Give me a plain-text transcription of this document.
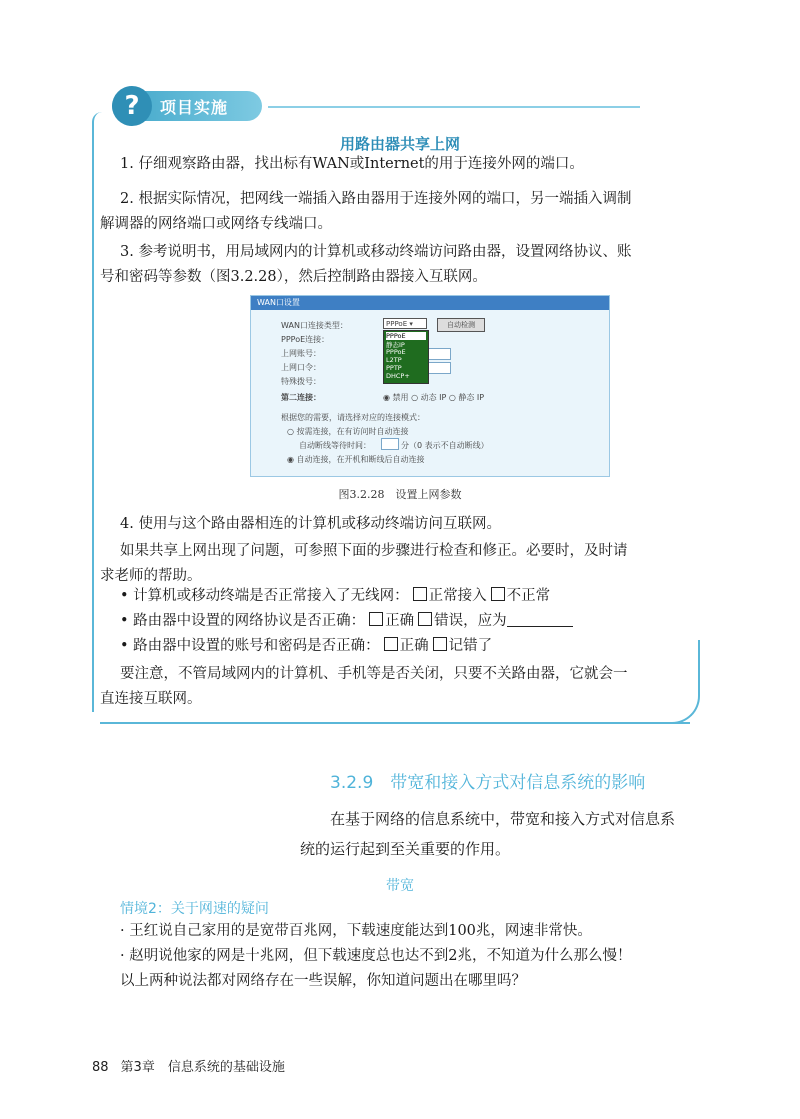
?	项目实施
用路由器共享上网
1. 仔细观察路由器，找出标有WAN或Internet的用于连接外网的端口。
2. 根据实际情况，把网线一端插入路由器用于连接外网的端口，另一端插入调制
解调器的网络端口或网络专线端口。
3. 参考说明书，用局域网内的计算机或移动终端访问路由器，设置网络协议、账
号和密码等参数（图3.2.28），然后控制路由器接入互联网。
WAN口设置
WAN口连接类型：	PPPoE ▾	自动检测
PPPoE连接：
上网账号：
上网口令：
特殊拨号：
第二连接：	◉ 禁用 ○ 动态 IP ○ 静态 IP
根据您的需要，请选择对应的连接模式：
○ 按需连接，在有访问时自动连接
自动断线等待时间：	分（0 表示不自动断线）
◉ 自动连接，在开机和断线后自动连接
PPPoE
静态IP
PPPoE
L2TP
PPTP
DHCP+
图3.2.28　设置上网参数
4. 使用与这个路由器相连的计算机或移动终端访问互联网。
如果共享上网出现了问题，可参照下面的步骤进行检查和修正。必要时，及时请
求老师的帮助。
• 计算机或移动终端是否正常接入了无线网： 正常接入 不正常
• 路由器中设置的网络协议是否正确： 正确 错误，应为
• 路由器中设置的账号和密码是否正确： 正确 记错了
要注意，不管局域网内的计算机、手机等是否关闭，只要不关路由器，它就会一
直连接互联网。
3.2.9　带宽和接入方式对信息系统的影响
在基于网络的信息系统中，带宽和接入方式对信息系
统的运行起到至关重要的作用。
带宽
情境2：关于网速的疑问
· 王红说自己家用的是宽带百兆网，下载速度能达到100兆，网速非常快。
· 赵明说他家的网是十兆网，但下载速度总也达不到2兆，不知道为什么那么慢！
以上两种说法都对网络存在一些误解，你知道问题出在哪里吗？
88 第3章　信息系统的基础设施
